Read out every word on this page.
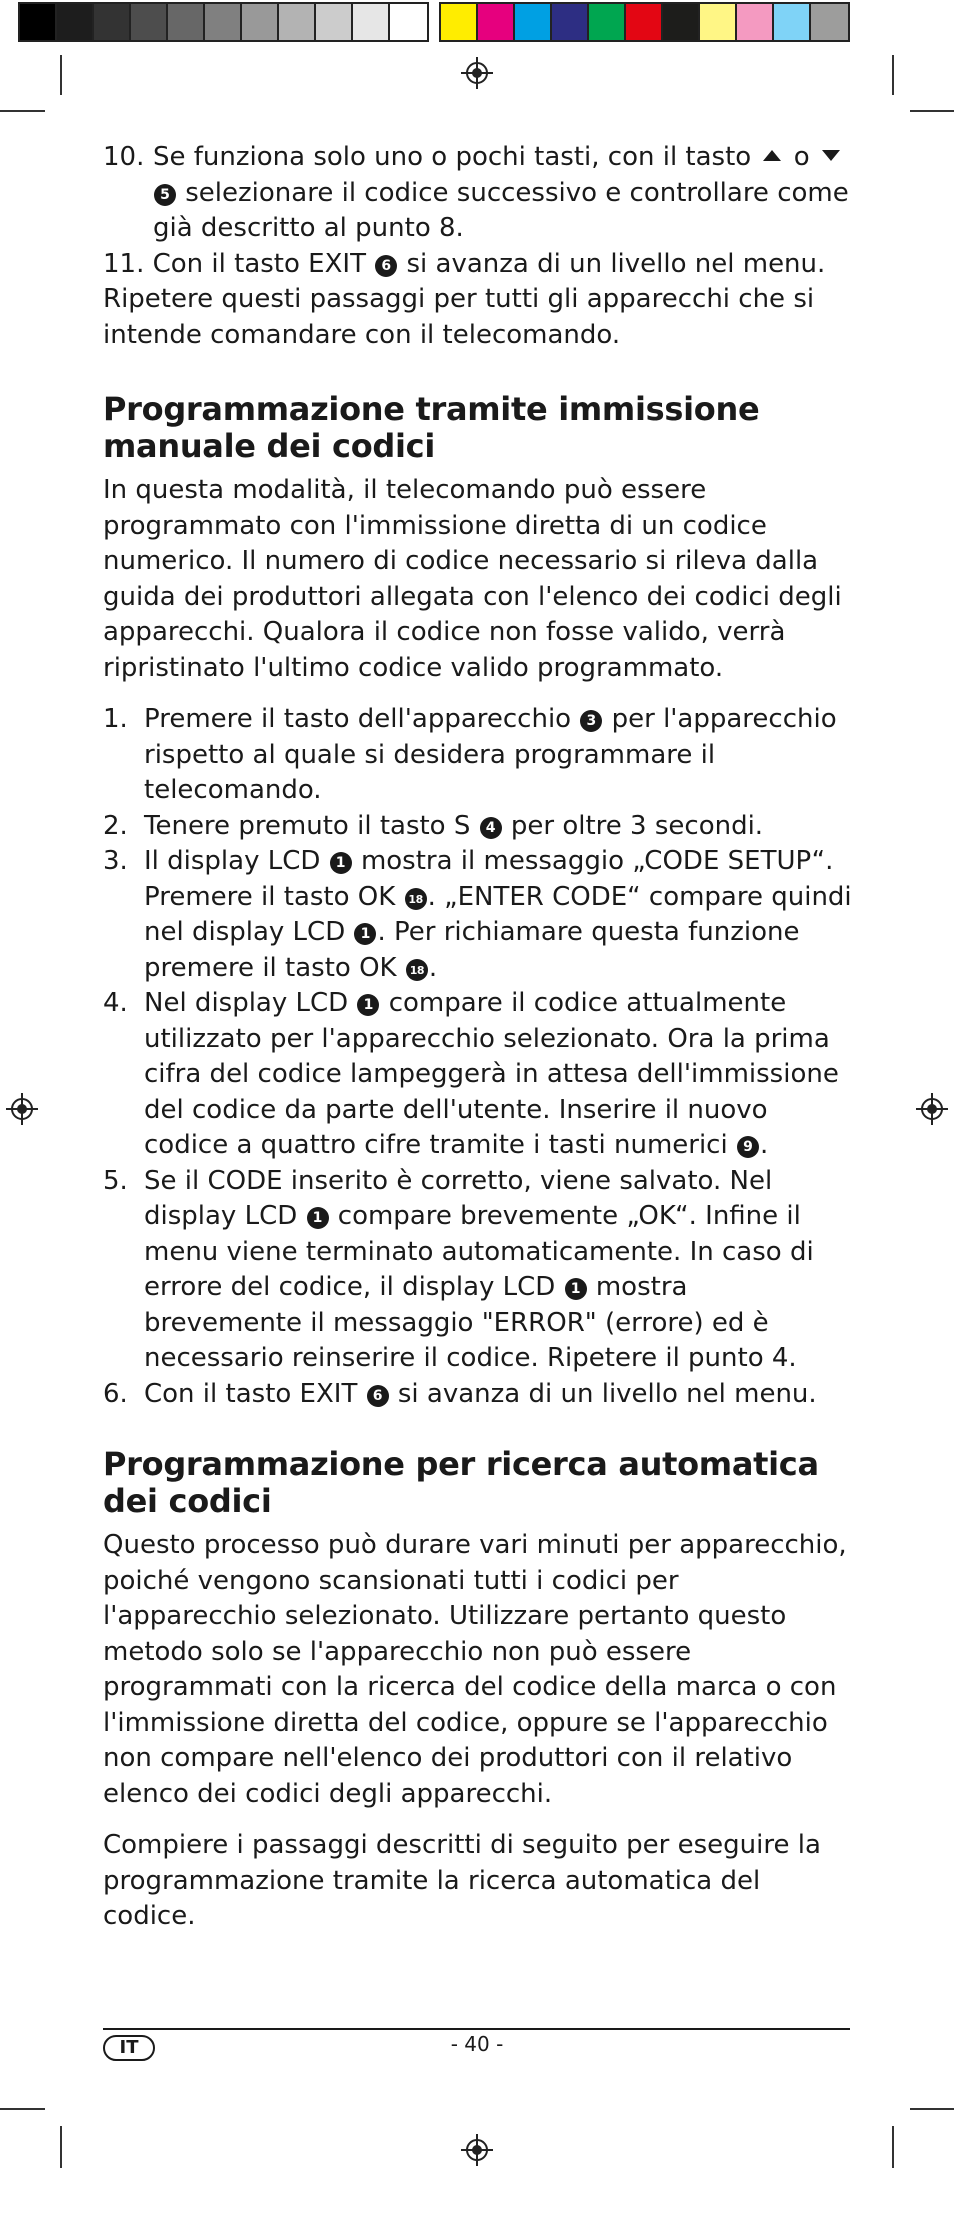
10. Se funziona solo uno o pochi tasti, con il tasto o  5 selezionare il codice successivo e controllare come già descritto al punto 8.

11. Con il tasto EXIT 6 si avanza di un livello nel menu. Ripetere questi passaggi per tutti gli apparecchi che si intende comandare con il telecomando.

Programmazione tramite immissione manuale dei codici

In questa modalità, il telecomando può essere programmato con l'immissione diretta di un codice numerico. Il numero di codice necessario si rileva dalla guida dei produttori allegata con l'elenco dei codici degli apparecchi. Qualora il codice non fosse valido, verrà ripristinato l'ultimo codice valido programmato.

1. Premere il tasto dell'apparecchio 3 per l'apparecchio rispetto al quale si desidera programmare il telecomando.
2. Tenere premuto il tasto S 4 per oltre 3 secondi.
3. Il display LCD 1 mostra il messaggio „CODE SETUP“. Premere il tasto OK 18 . „ENTER CODE“ compare quindi nel display LCD 1 . Per richiamare questa funzione premere il tasto OK 18 .
4. Nel display LCD 1 compare il codice attualmente utilizzato per l'apparecchio selezionato. Ora la prima cifra del codice lampeggerà in attesa dell'immissione del codice da parte dell'utente. Inserire il nuovo codice a quattro cifre tramite i tasti numerici 9 .
5. Se il CODE inserito è corretto, viene salvato. Nel display LCD 1 compare brevemente „OK“. Infine il menu viene terminato automaticamente. In caso di errore del codice, il display LCD 1 mostra brevemente il messaggio "ERROR" (errore) ed è necessario reinserire il codice. Ripetere il punto 4.
6. Con il tasto EXIT 6 si avanza di un livello nel menu.
Programmazione per ricerca automatica dei codici

Questo processo può durare vari minuti per apparecchio, poiché vengono scansionati tutti i codici per l'apparecchio selezionato. Utilizzare pertanto questo metodo solo se l'apparecchio non può essere programmati con la ricerca del codice della marca o con l'immissione diretta del codice, oppure se l'apparecchio non compare nell'elenco dei produttori con il relativo elenco dei codici degli apparecchi.

Compiere i passaggi descritti di seguito per eseguire la programmazione tramite la ricerca automatica del codice.

IT	- 40 -
